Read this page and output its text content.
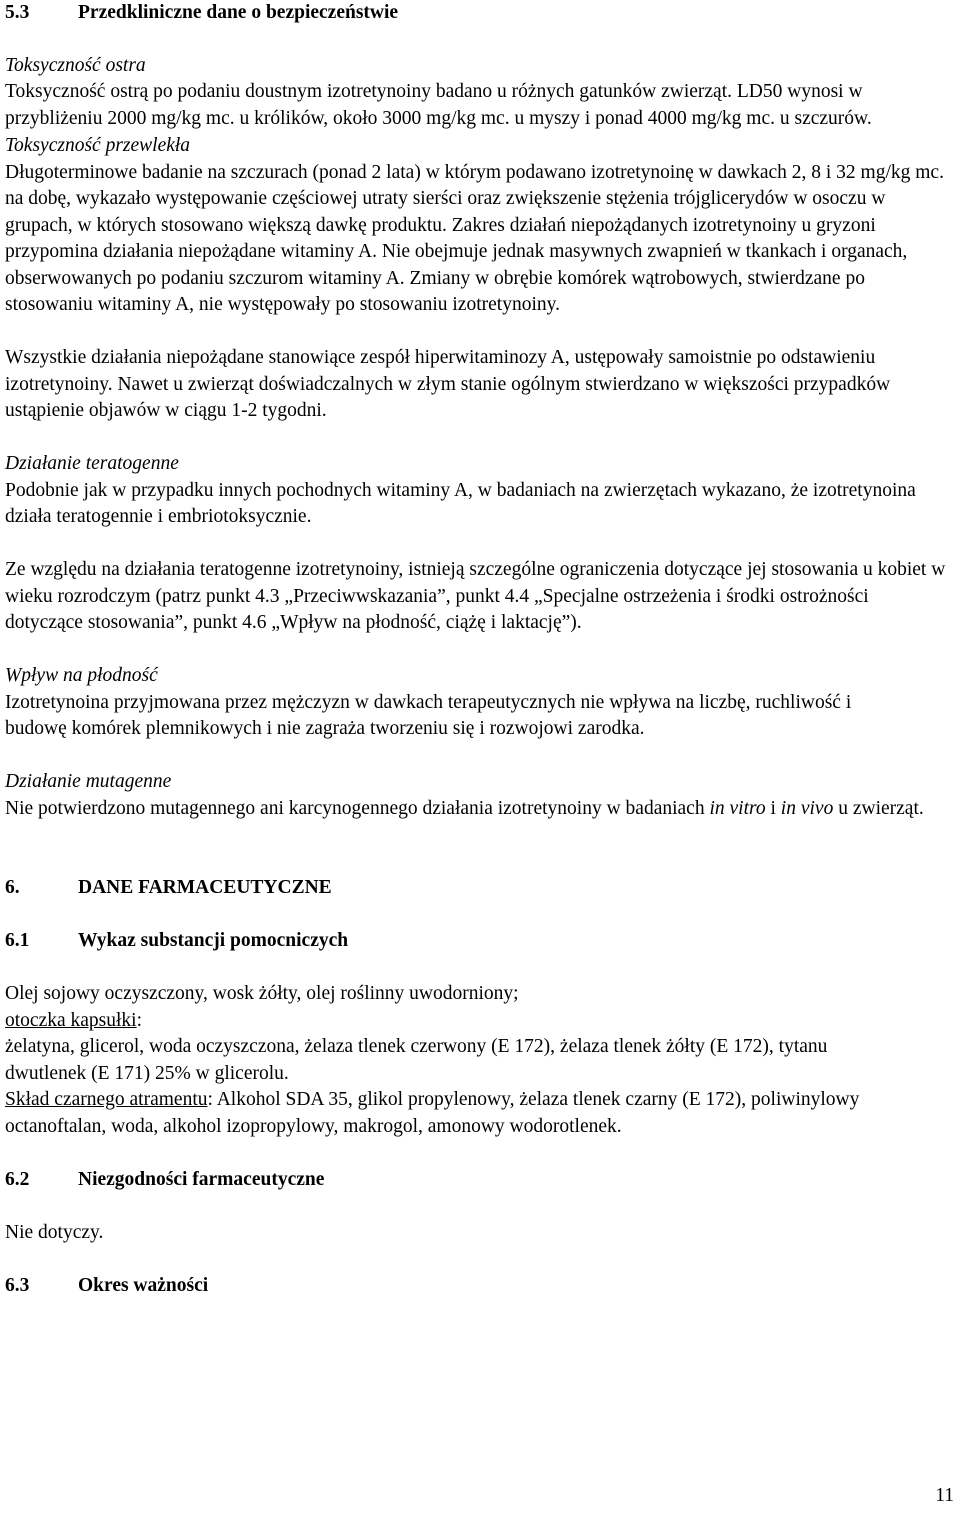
5.3	Przedkliniczne dane o bezpieczeństwie

Toksyczność ostra

Toksyczność ostrą po podaniu doustnym izotretynoiny badano u różnych gatunków zwierząt. LD50 wynosi w przybliżeniu 2000 mg/kg mc. u królików, około 3000 mg/kg mc. u myszy i ponad 4000 mg/kg mc. u szczurów.

Toksyczność przewlekła

Długoterminowe badanie na szczurach (ponad 2 lata) w którym podawano izotretynoinę w dawkach 2, 8 i 32 mg/kg mc. na dobę, wykazało występowanie częściowej utraty sierści oraz zwiększenie stężenia trójglicerydów w osoczu w grupach, w których stosowano większą dawkę produktu. Zakres działań niepożądanych izotretynoiny u gryzoni przypomina działania niepożądane witaminy A. Nie obejmuje jednak masywnych zwapnień w tkankach i organach, obserwowanych po podaniu szczurom witaminy A. Zmiany w obrębie komórek wątrobowych, stwierdzane po stosowaniu witaminy A, nie występowały po stosowaniu izotretynoiny.

Wszystkie działania niepożądane stanowiące zespół hiperwitaminozy A, ustępowały samoistnie po odstawieniu izotretynoiny. Nawet u zwierząt doświadczalnych w złym stanie ogólnym stwierdzano w większości przypadków ustąpienie objawów w ciągu 1-2 tygodni.

Działanie teratogenne

Podobnie jak w przypadku innych pochodnych witaminy A, w badaniach na zwierzętach wykazano, że izotretynoina działa teratogennie i embriotoksycznie.

Ze względu na działania teratogenne izotretynoiny, istnieją szczególne ograniczenia dotyczące jej stosowania u kobiet w wieku rozrodczym (patrz punkt 4.3 „Przeciwwskazania”, punkt 4.4 „Specjalne ostrzeżenia i środki ostrożności dotyczące stosowania”, punkt 4.6 „Wpływ na płodność, ciążę i laktację”).

Wpływ na płodność

Izotretynoina przyjmowana przez mężczyzn w dawkach terapeutycznych nie wpływa na liczbę, ruchliwość i budowę komórek plemnikowych i nie zagraża tworzeniu się i rozwojowi zarodka.

Działanie mutagenne

Nie potwierdzono mutagennego ani karcynogennego działania izotretynoiny w badaniach in vitro i in vivo u zwierząt.

6.	DANE FARMACEUTYCZNE

6.1	Wykaz substancji pomocniczych

Olej sojowy oczyszczony, wosk żółty, olej roślinny uwodorniony;

otoczka kapsułki:

żelatyna, glicerol, woda oczyszczona, żelaza tlenek czerwony (E 172), żelaza tlenek żółty (E 172), tytanu dwutlenek (E 171) 25% w glicerolu.

Skład czarnego atramentu: Alkohol SDA 35, glikol propylenowy, żelaza tlenek czarny (E 172), poliwinylowy octanoftalan, woda, alkohol izopropylowy, makrogol, amonowy wodorotlenek.

6.2	Niezgodności farmaceutyczne

Nie dotyczy.

6.3	Okres ważności

11
